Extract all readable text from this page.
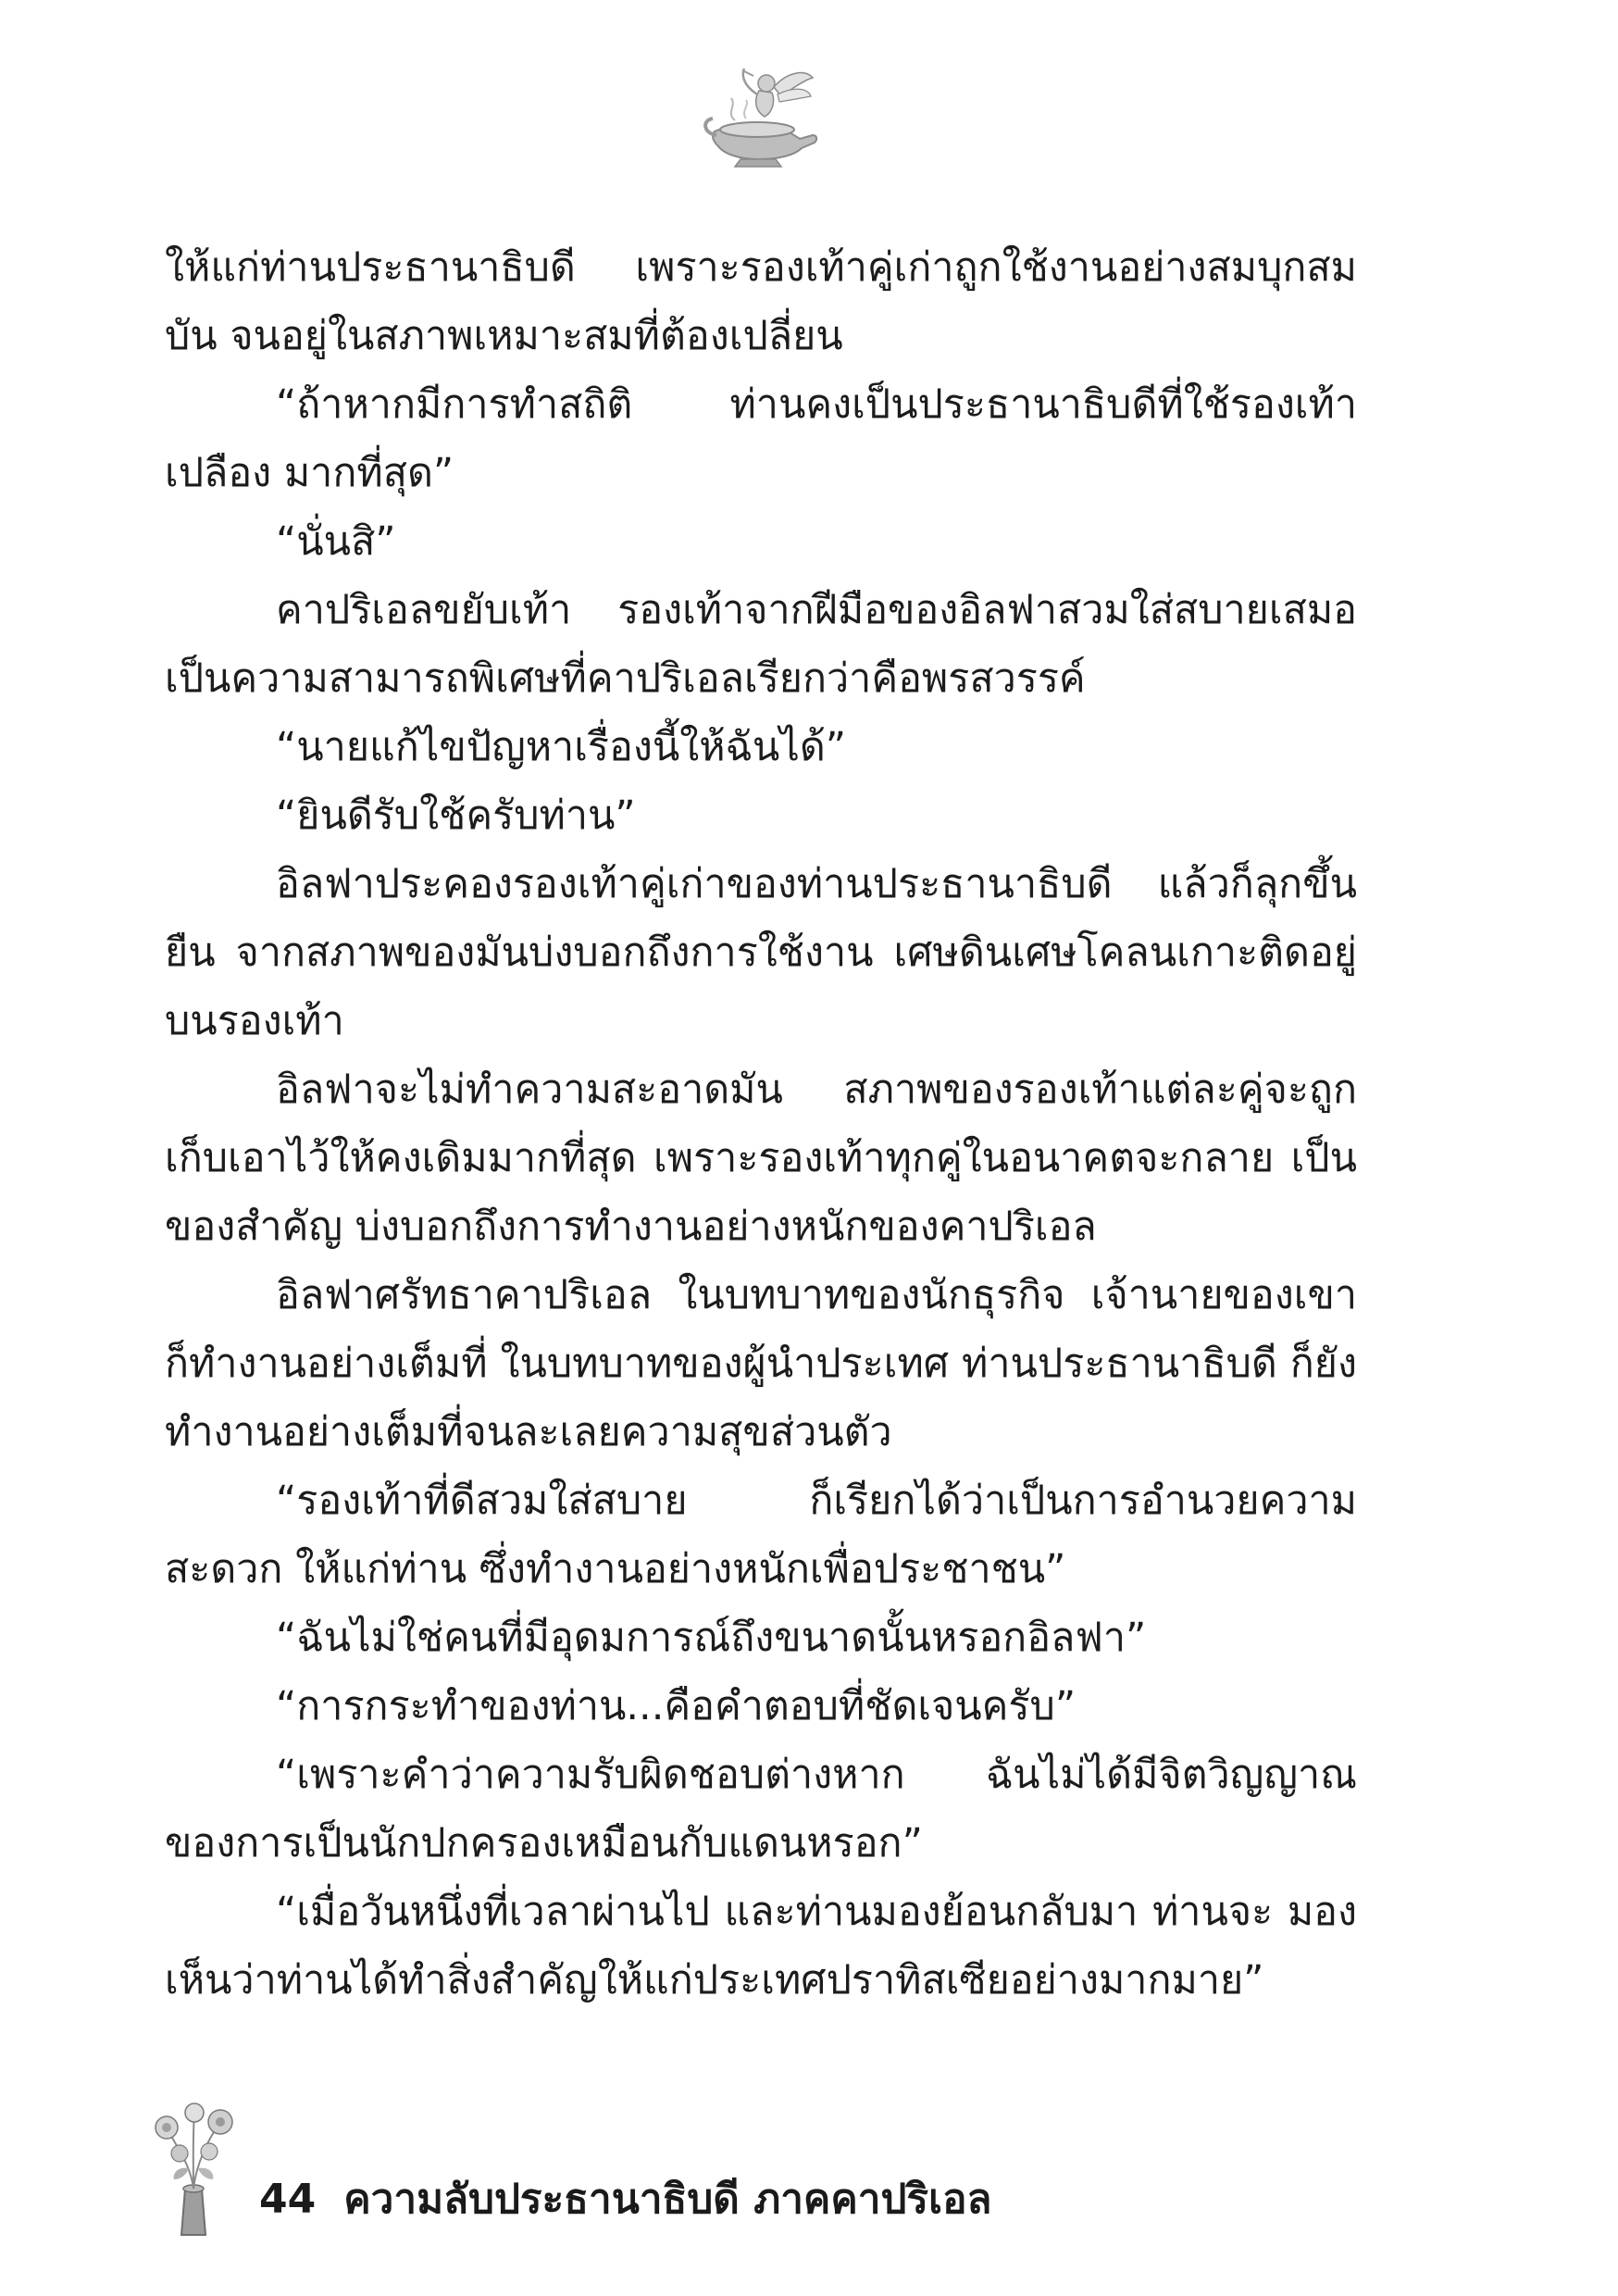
ให้แก่ท่านประธานาธิบดี เพราะรองเท้าคู่เก่าถูกใช้งานอย่างสมบุกสมบัน จนอยู่ในสภาพเหมาะสมที่ต้องเปลี่ยน

“ถ้าหากมีการทำสถิติ ท่านคงเป็นประธานาธิบดีที่ใช้รองเท้าเปลือง มากที่สุด”

“นั่นสิ”

คาปริเอลขยับเท้า รองเท้าจากฝีมือของอิลฟาสวมใส่สบายเสมอ เป็นความสามารถพิเศษที่คาปริเอลเรียกว่าคือพรสวรรค์

“นายแก้ไขปัญหาเรื่องนี้ให้ฉันได้”

“ยินดีรับใช้ครับท่าน”

อิลฟาประคองรองเท้าคู่เก่าของท่านประธานาธิบดี แล้วก็ลุกขึ้นยืน จากสภาพของมันบ่งบอกถึงการใช้งาน เศษดินเศษโคลนเกาะติดอยู่ บนรองเท้า

อิลฟาจะไม่ทำความสะอาดมัน สภาพของรองเท้าแต่ละคู่จะถูก เก็บเอาไว้ให้คงเดิมมากที่สุด เพราะรองเท้าทุกคู่ในอนาคตจะกลาย เป็นของสำคัญ บ่งบอกถึงการทำงานอย่างหนักของคาปริเอล

อิลฟาศรัทธาคาปริเอล ในบทบาทของนักธุรกิจ เจ้านายของเขา ก็ทำงานอย่างเต็มที่ ในบทบาทของผู้นำประเทศ ท่านประธานาธิบดี ก็ยังทำงานอย่างเต็มที่จนละเลยความสุขส่วนตัว

“รองเท้าที่ดีสวมใส่สบาย ก็เรียกได้ว่าเป็นการอำนวยความสะดวก ให้แก่ท่าน ซึ่งทำงานอย่างหนักเพื่อประชาชน”

“ฉันไม่ใช่คนที่มีอุดมการณ์ถึงขนาดนั้นหรอกอิลฟา”

“การกระทำของท่าน...คือคำตอบที่ชัดเจนครับ”

“เพราะคำว่าความรับผิดชอบต่างหาก ฉันไม่ได้มีจิตวิญญาณ ของการเป็นนักปกครองเหมือนกับแดนหรอก”

“เมื่อวันหนึ่งที่เวลาผ่านไป และท่านมองย้อนกลับมา ท่านจะ มองเห็นว่าท่านได้ทำสิ่งสำคัญให้แก่ประเทศปราทิสเซียอย่างมากมาย”

44 ความลับประธานาธิบดี ภาคคาปริเอล
